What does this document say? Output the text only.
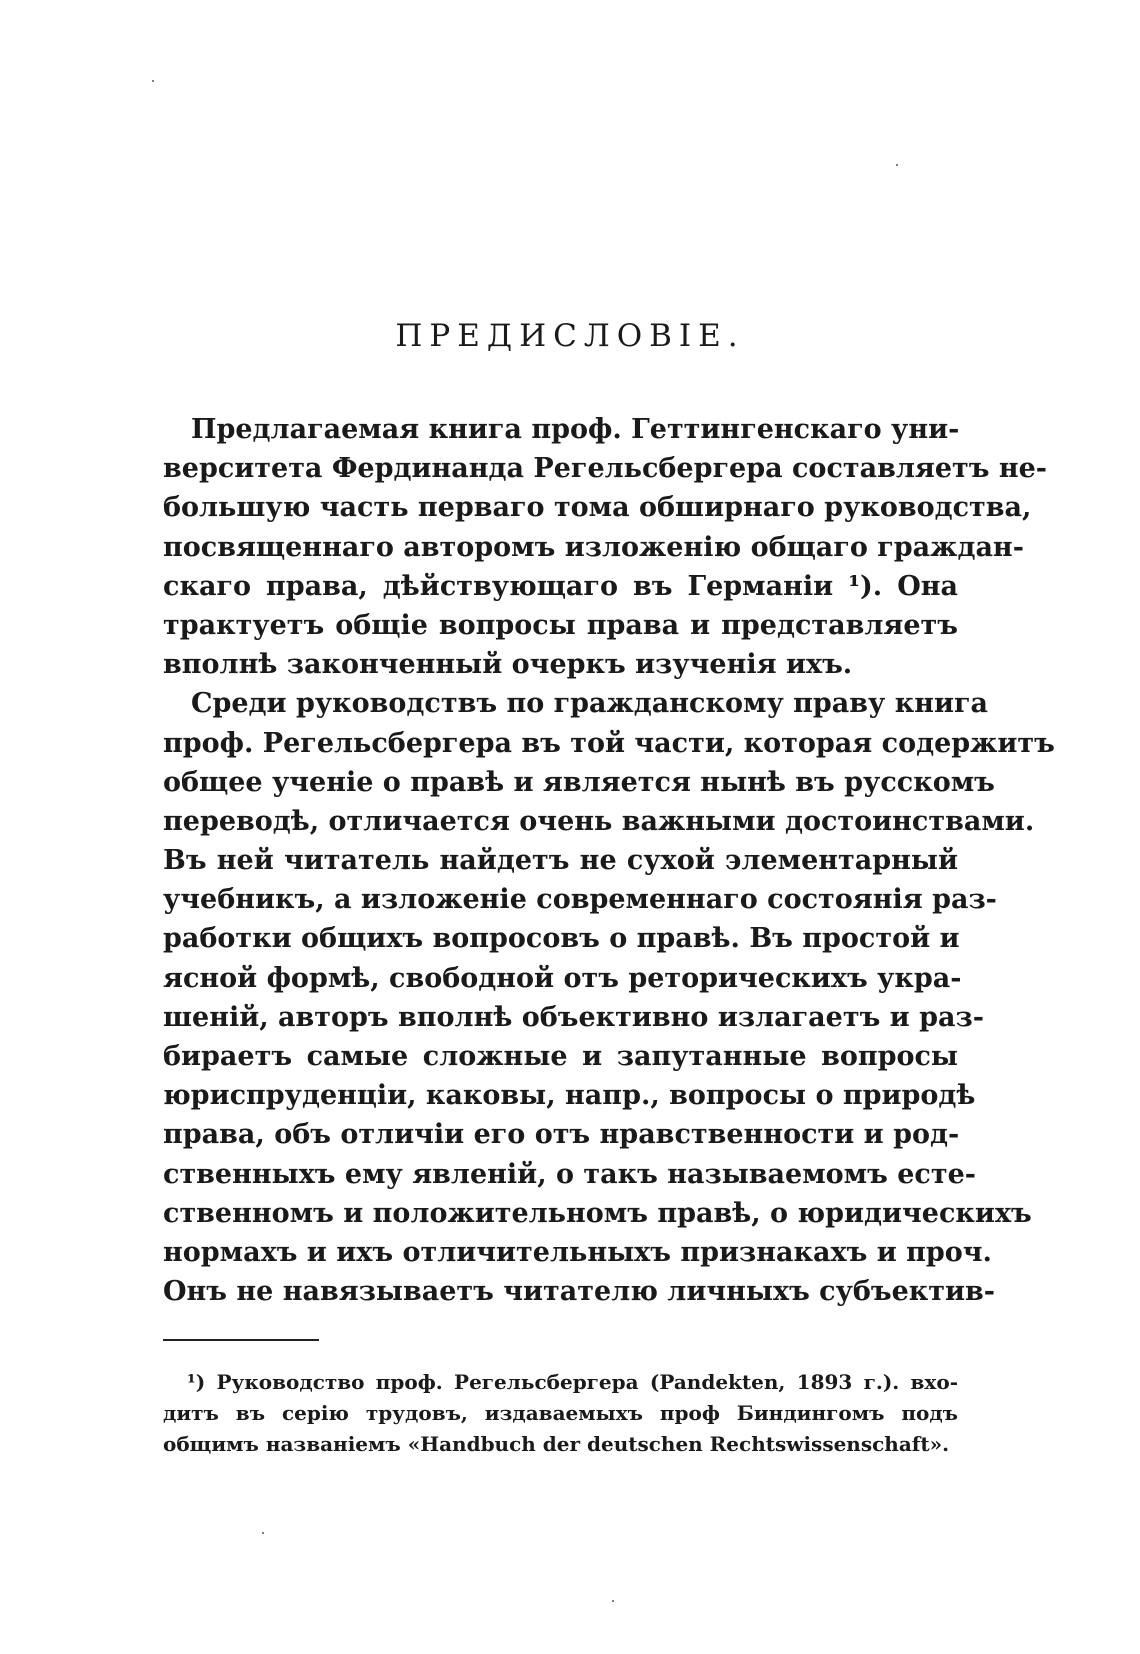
ПРЕДИСЛОВІЕ.
Предлагаемая книга проф. Геттингенскаго уни-
верситета Фердинанда Регельсбергера составляетъ не-
большую часть перваго тома обширнаго руководства,
посвященнаго авторомъ изложенію общаго граждан-
скаго права, дѣйствующаго въ Германіи ¹). Она
трактуетъ общіе вопросы права и представляетъ
вполнѣ законченный очеркъ изученія ихъ.
Среди руководствъ по гражданскому праву книга
проф. Регельсбергера въ той части, которая содержитъ
общее ученіе о правѣ и является нынѣ въ русскомъ
переводѣ, отличается очень важными достоинствами.
Въ ней читатель найдетъ не сухой элементарный
учебникъ, а изложеніе современнаго состоянія раз-
работки общихъ вопросовъ о правѣ. Въ простой и
ясной формѣ, свободной отъ реторическихъ укра-
шеній, авторъ вполнѣ объективно излагаетъ и раз-
бираетъ самые сложные и запутанные вопросы
юриспруденціи, каковы, напр., вопросы о природѣ
права, объ отличіи его отъ нравственности и род-
ственныхъ ему явленій, о такъ называемомъ есте-
ственномъ и положительномъ правѣ, о юридическихъ
нормахъ и ихъ отличительныхъ признакахъ и проч.
Онъ не навязываетъ читателю личныхъ субъектив-
¹) Руководство проф. Регельсбергера (Pandekten, 1893 г.). вхо-
дитъ въ серію трудовъ, издаваемыхъ проф Биндингомъ подъ
общимъ названіемъ «Handbuch der deutschen Rechtswissenschaft».
